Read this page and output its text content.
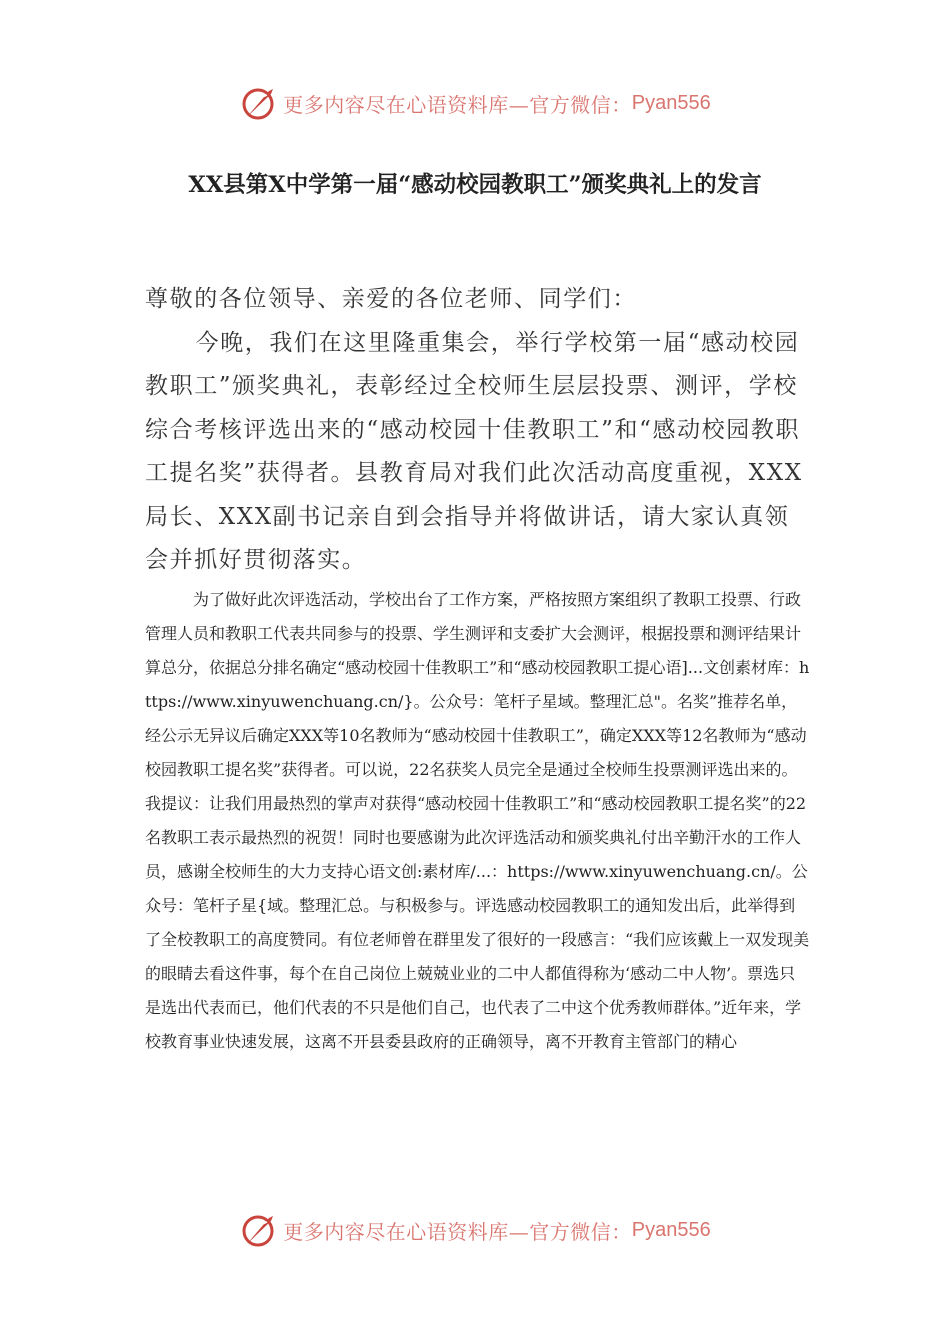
更多内容尽在心语资料库—官方微信： Pyan556
XX县第X中学第一届“感动校园教职工”颁奖典礼上的发言

尊敬的各位领导、亲爱的各位老师、同学们：

今晚，我们在这里隆重集会，举行学校第一届“感动校园教职工”颁奖典礼，表彰经过全校师生层层投票、测评，学校综合考核评选出来的“感动校园十佳教职工”和“感动校园教职工提名奖”获得者。县教育局对我们此次活动高度重视，XXX局长、XXX副书记亲自到会指导并将做讲话，请大家认真领会并抓好贯彻落实。

为了做好此次评选活动，学校出台了工作方案，严格按照方案组织了教职工投票、行政管理人员和教职工代表共同参与的投票、学生测评和支委扩大会测评，根据投票和测评结果计算总分，依据总分排名确定“感动校园十佳教职工”和“感动校园教职工提心语]...文创素材库：https://www.xinyuwenchuang.cn/}。公众号：笔杆子星域。整理汇总"。名奖”推荐名单，经公示无异议后确定XXX等10名教师为“感动校园十佳教职工”，确定XXX等12名教师为“感动校园教职工提名奖”获得者。可以说，22名获奖人员完全是通过全校师生投票测评选出来的。我提议：让我们用最热烈的掌声对获得“感动校园十佳教职工”和“感动校园教职工提名奖”的22名教职工表示最热烈的祝贺！同时也要感谢为此次评选活动和颁奖典礼付出辛勤汗水的工作人员，感谢全校师生的大力支持心语文创:素材库/...：https://www.xinyuwenchuang.cn/。公众号：笔杆子星{域。整理汇总。与积极参与。评选感动校园教职工的通知发出后，此举得到了全校教职工的高度赞同。有位老师曾在群里发了很好的一段感言：“我们应该戴上一双发现美的眼睛去看这件事，每个在自己岗位上兢兢业业的二中人都值得称为‘感动二中人物’。票选只是选出代表而已，他们代表的不只是他们自己，也代表了二中这个优秀教师群体。”近年来，学校教育事业快速发展，这离不开县委县政府的正确领导，离不开教育主管部门的精心

更多内容尽在心语资料库—官方微信： Pyan556
